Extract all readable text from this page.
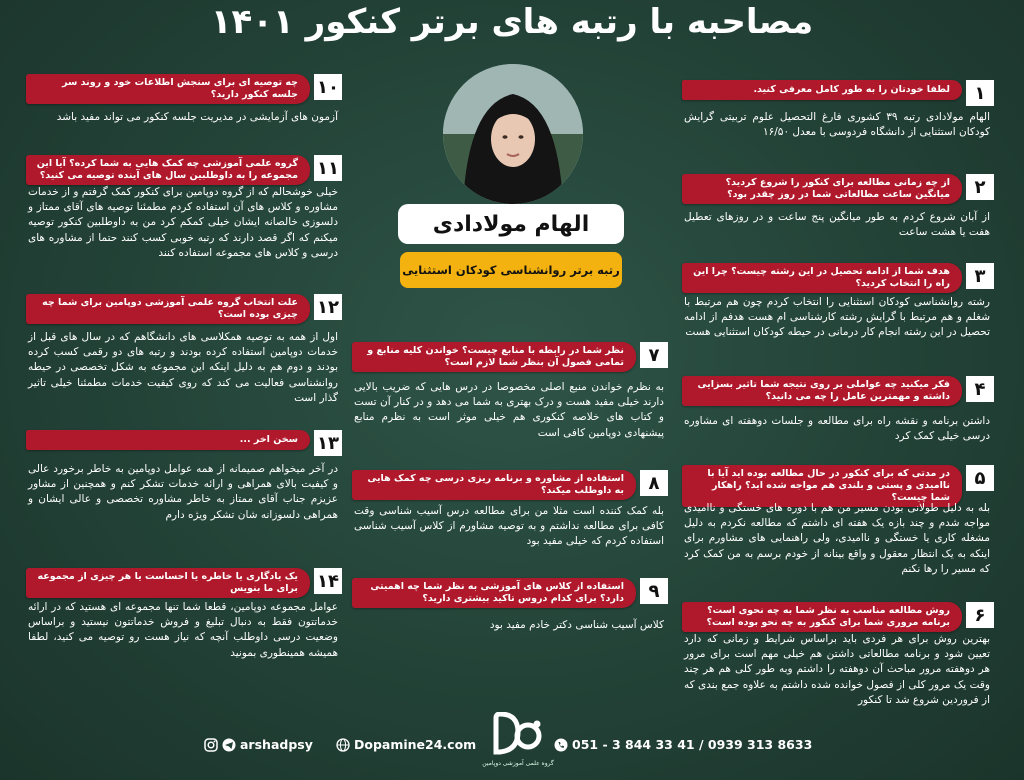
مصاحبه با رتبه های برتر کنکور ۱۴۰۱
الهام مولادادی
رتبه برتر روانشناسی کودکان استثنایی
۱
لطفا خودتان را به طور کامل معرفی کنید.
الهام مولادادی رتبه ۳۹ کشوری فارغ التحصیل علوم تربیتی گرایش کودکان استثنایی از دانشگاه فردوسی با معدل ۱۶/۵۰
۲
از چه زمانی مطالعه برای کنکور را شروع کردید؟ میانگین ساعت مطالعاتی شما در روز چقدر بود؟
از آبان شروع کردم به طور میانگین پنج ساعت و در روزهای تعطیل هفت یا هشت ساعت
۳
هدف شما از ادامه تحصیل در این رشته چیست؟ چرا این راه را انتخاب کردید؟
رشته روانشناسی کودکان استثنایی را انتخاب کردم چون هم مرتبط با شغلم و هم مرتبط با گرایش رشته کارشناسی ام هست هدفم از ادامه تحصیل در این رشته انجام کار درمانی در حیطه کودکان استثنایی هست
۴
فکر میکنید چه عواملی بر روی نتیجه شما تاثیر بسزایی داشته و مهمترین عامل را چه می دانید؟
داشتن برنامه و نقشه راه برای مطالعه و جلسات دوهفته ای مشاوره درسی خیلی کمک کرد
۵
در مدتی که برای کنکور در حال مطالعه بوده اید آیا با ناامیدی و پستی و بلندی هم مواجه شده اید؟ راهکار شما چیست؟
بله به دلیل طولانی بودن مسیر من هم با دوره های خستگی و ناامیدی مواجه شدم و چند بازه یک هفته ای داشتم که مطالعه نکردم به دلیل مشغله کاری یا خستگی و ناامیدی، ولی راهنمایی های مشاورم برای اینکه به یک انتظار معقول و واقع بینانه از خودم برسم به من کمک کرد که مسیر را رها نکنم
۶
روش مطالعه مناسب به نظر شما به چه نحوی است؟ برنامه مروری شما برای کنکور به چه نحو بوده است؟
بهترین روش برای هر فردی باید براساس شرایط و زمانی که دارد تعیین شود و برنامه مطالعاتی داشتن هم خیلی مهم است برای مرور هر دوهفته مرور مباحث آن دوهفته را داشتم وبه طور کلی هم هر چند وقت یک مرور کلی از فصول خوانده شده داشتم به علاوه جمع بندی که از فروردین شروع شد تا کنکور
۷
نظر شما در رابطه با منابع چیست؟ خواندن کلیه منابع و تمامی فصول آن بنظر شما لازم است؟
به نظرم خواندن منبع اصلی مخصوصا در درس هایی که ضریب بالایی دارند خیلی مفید هست و درک بهتری به شما می دهد و در کنار آن تست و کتاب های خلاصه کنکوری هم خیلی موثر است به نظرم منابع پیشنهادی دوپامین کافی است
۸
استفاده از مشاوره و برنامه ریزی درسی چه کمک هایی به داوطلب میکند؟
بله کمک کننده است مثلا من برای مطالعه درس آسیب شناسی وقت کافی برای مطالعه نداشتم و به توصیه مشاورم از کلاس آسیب شناسی استفاده کردم که خیلی مفید بود
۹
استفاده از کلاس های آموزشی به نظر شما چه اهمیتی دارد؟ برای کدام دروس تاکید بیشتری دارید؟
کلاس آسیب شناسی دکتر خادم مفید بود
۱۰
چه توصیه ای برای سنجش اطلاعات خود و روند سر جلسه کنکور دارید؟
آزمون های آزمایشی در مدیریت جلسه کنکور می تواند مفید باشد
۱۱
گروه علمی آموزشی چه کمک هایی به شما کرده؟ آیا این مجموعه را به داوطلبین سال های آینده توصیه می کنید؟
خیلی خوشحالم که از گروه دوپامین برای کنکور کمک گرفتم و از خدمات مشاوره و کلاس های آن استفاده کردم مطمئنا توصیه های آقای ممتاز و دلسوزی خالصانه ایشان خیلی کمکم کرد من به داوطلبین کنکور توصیه میکنم که اگر قصد دارند که رتبه خوبی کسب کنند حتما از مشاوره های درسی و کلاس های مجموعه استفاده کنند
۱۲
علت انتخاب گروه علمی آموزشی دوپامین برای شما چه چیزی بوده است؟
اول از همه به توصیه همکلاسی های دانشگاهم که در سال های قبل از خدمات دوپامین استفاده کرده بودند و رتبه های دو رقمی کسب کرده بودند و دوم هم به دلیل اینکه این مجموعه به شکل تخصصی در حیطه روانشناسی فعالیت می کند که روی کیفیت خدمات مطمئنا خیلی تاثیر گذار است
۱۳
سخن اخر ...
در آخر میخواهم صمیمانه از همه عوامل دوپامین به خاطر برخورد عالی و کیفیت بالای همراهی و ارائه خدمات تشکر کنم و همچنین از مشاور عزیزم جناب آقای ممتاز به خاطر مشاوره تخصصی و عالی ایشان و همراهی دلسوزانه شان تشکر ویژه دارم
۱۴
یک یادگاری یا خاطره یا احساست یا هر چیزی از مجموعه برای ما بنویس
عوامل مجموعه دوپامین، قطعا شما تنها مجموعه ای هستید که در ارائه خدماتتون فقط به دنبال تبلیغ و فروش خدماتتون نیستید و براساس وضعیت درسی داوطلب آنچه که نیاز هست رو توصیه می کنید، لطفا همیشه همینطوری بمونید
arshadpsy	Dopamine24.com	051 - 3 844 33 41 / 0939 313 8633
گروه علمی آموزشی دوپامین
